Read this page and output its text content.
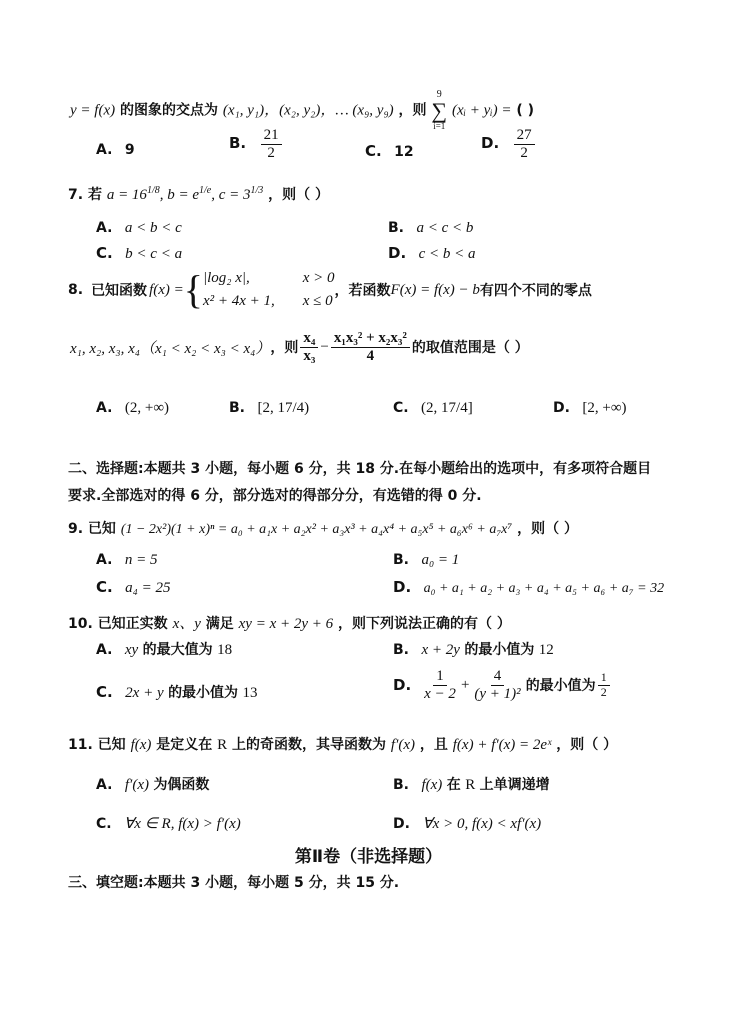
y = f(x) 的图象的交点为 (x₁, y₁)，(x₂, y₂)，… (x₉, y₉) ，则
9
∑
i=1
(xᵢ + yᵢ) = ( )
A. 9	B. $\frac{21}{2}$	C. 12	D. $\frac{27}{2}$
7. 若 $a = 16^{1/8}$, $b = e^{1/e}$, $c = 3^{1/3}$ ，则（ ）
A. a < b < c	B. a < c < b
C. b < c < a	D. c < b < a
8. 已知函数 f(x) = { |log₂ x|,	x > 0
x² + 4x + 1, x ≤ 0
，若函数 F(x) = f(x) − b 有四个不同的零点
x₁, x₂, x₃, x₄（x₁ < x₂ < x₃ < x₄） ，则 $\frac{\text{x₄}}{\text{x₃}} - \frac{\text{x₁x₃² + x₂x₃²}}{4}$ 的取值范围是（ ）
A. (2, +∞)	B. [2, 17/4)	C. (2, 17/4]	D. [2, +∞)
二、选择题:本题共 3 小题，每小题 6 分，共 18 分.在每小题给出的选项中，有多项符合题目
要求.全部选对的得 6 分，部分选对的得部分分，有选错的得 0 分.
9. 已知 (1 − 2x²)(1 + x)ⁿ = a₀ + a₁x + a₂x² + a₃x³ + a₄x⁴ + a₅x⁵ + a₆x⁶ + a₇x⁷ ，则（ ）
A. n = 5	B. a₀ = 1
C. a₄ = 25	D. a₀ + a₁ + a₂ + a₃ + a₄ + a₅ + a₆ + a₇ = 32
10. 已知正实数 x、y 满足 xy = x + 2y + 6 ，则下列说法正确的有（ ）
A. xy 的最大值为 18	B. x + 2y 的最小值为 12
C. 2x + y 的最小值为 13	D. $\frac{1}{x - 2} + \frac{4}{\text{(y + 1)²}}$ 的最小值为 $\frac{1}{2}$
11. 已知 f(x) 是定义在 R 上的奇函数，其导函数为 f′(x) ，且 f(x) + f′(x) = 2eˣ ，则（ ）
A. f′(x) 为偶函数	B. f(x) 在 R 上单调递增
C. ∀x ∈ R, f(x) > f′(x)	D. ∀x > 0, f(x) < xf′(x)
第Ⅱ卷（非选择题）
三、填空题:本题共 3 小题，每小题 5 分，共 15 分.
